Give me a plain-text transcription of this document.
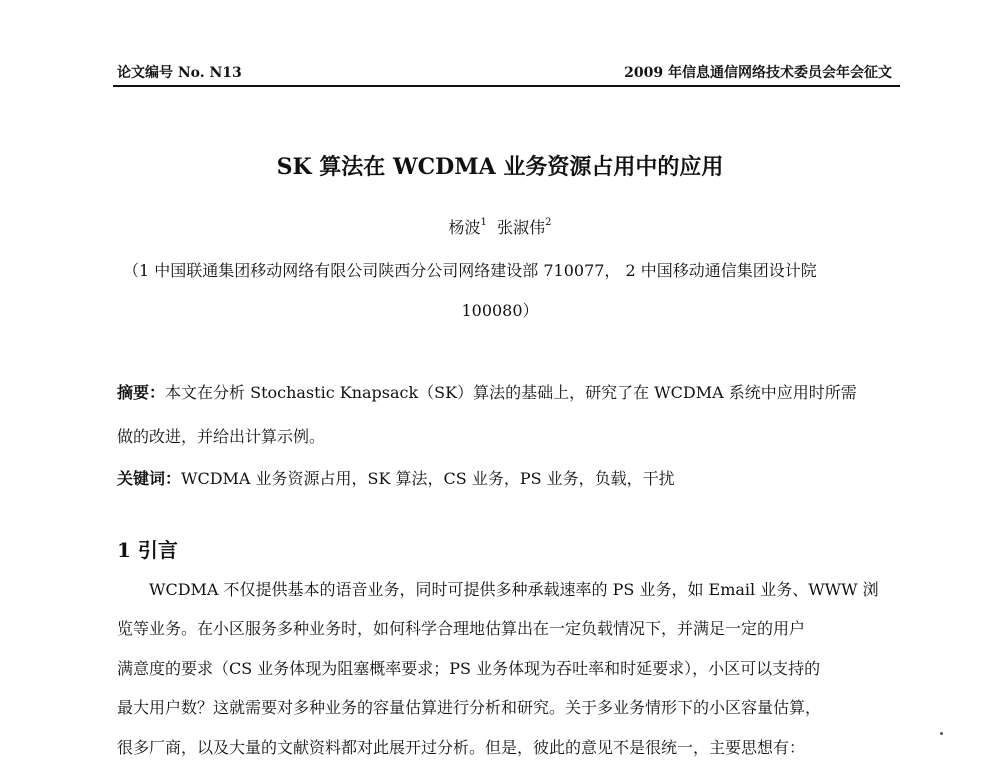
论文编号 No. N13	2009 年信息通信网络技术委员会年会征文
SK 算法在 WCDMA 业务资源占用中的应用
杨波$^1$ 张淑伟$^2$
（1 中国联通集团移动网络有限公司陕西分公司网络建设部 710077， 2 中国移动通信集团设计院
100080）
摘要：本文在分析 Stochastic Knapsack（SK）算法的基础上，研究了在 WCDMA 系统中应用时所需
做的改进，并给出计算示例。
关键词：WCDMA 业务资源占用，SK 算法，CS 业务，PS 业务，负载，干扰
1 引言
WCDMA 不仅提供基本的语音业务，同时可提供多种承载速率的 PS 业务，如 Email 业务、WWW 浏
览等业务。在小区服务多种业务时，如何科学合理地估算出在一定负载情况下，并满足一定的用户
满意度的要求（CS 业务体现为阻塞概率要求；PS 业务体现为吞吐率和时延要求），小区可以支持的
最大用户数？这就需要对多种业务的容量估算进行分析和研究。关于多业务情形下的小区容量估算，
很多厂商，以及大量的文献资料都对此展开过分析。但是，彼此的意见不是很统一，主要思想有：
